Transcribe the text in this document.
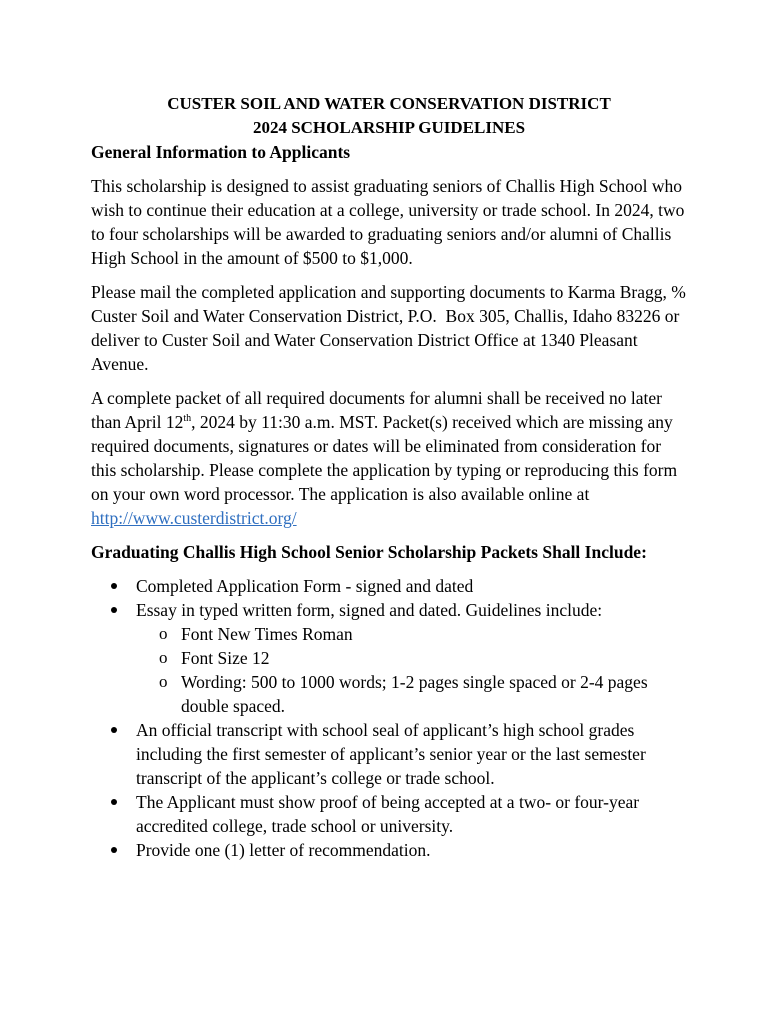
CUSTER SOIL AND WATER CONSERVATION DISTRICT

2024 SCHOLARSHIP GUIDELINES

General Information to Applicants

This scholarship is designed to assist graduating seniors of Challis High School who wish to continue their education at a college, university or trade school. In 2024, two to four scholarships will be awarded to graduating seniors and/or alumni of Challis High School in the amount of $500 to $1,000.

Please mail the completed application and supporting documents to Karma Bragg, % Custer Soil and Water Conservation District, P.O.  Box 305, Challis, Idaho 83226 or deliver to Custer Soil and Water Conservation District Office at 1340 Pleasant Avenue.

A complete packet of all required documents for alumni shall be received no later than April 12th, 2024 by 11:30 a.m. MST. Packet(s) received which are missing any required documents, signatures or dates will be eliminated from consideration for this scholarship. Please complete the application by typing or reproducing this form on your own word processor. The application is also available online at http://www.custerdistrict.org/

Graduating Challis High School Senior Scholarship Packets Shall Include:

Completed Application Form - signed and dated
Essay in typed written form, signed and dated. Guidelines include:
o Font New Times Roman
o Font Size 12
o Wording: 500 to 1000 words; 1-2 pages single spaced or 2-4 pages double spaced.
An official transcript with school seal of applicant’s high school grades including the first semester of applicant’s senior year or the last semester transcript of the applicant’s college or trade school.
The Applicant must show proof of being accepted at a two- or four-year accredited college, trade school or university.
Provide one (1) letter of recommendation.
